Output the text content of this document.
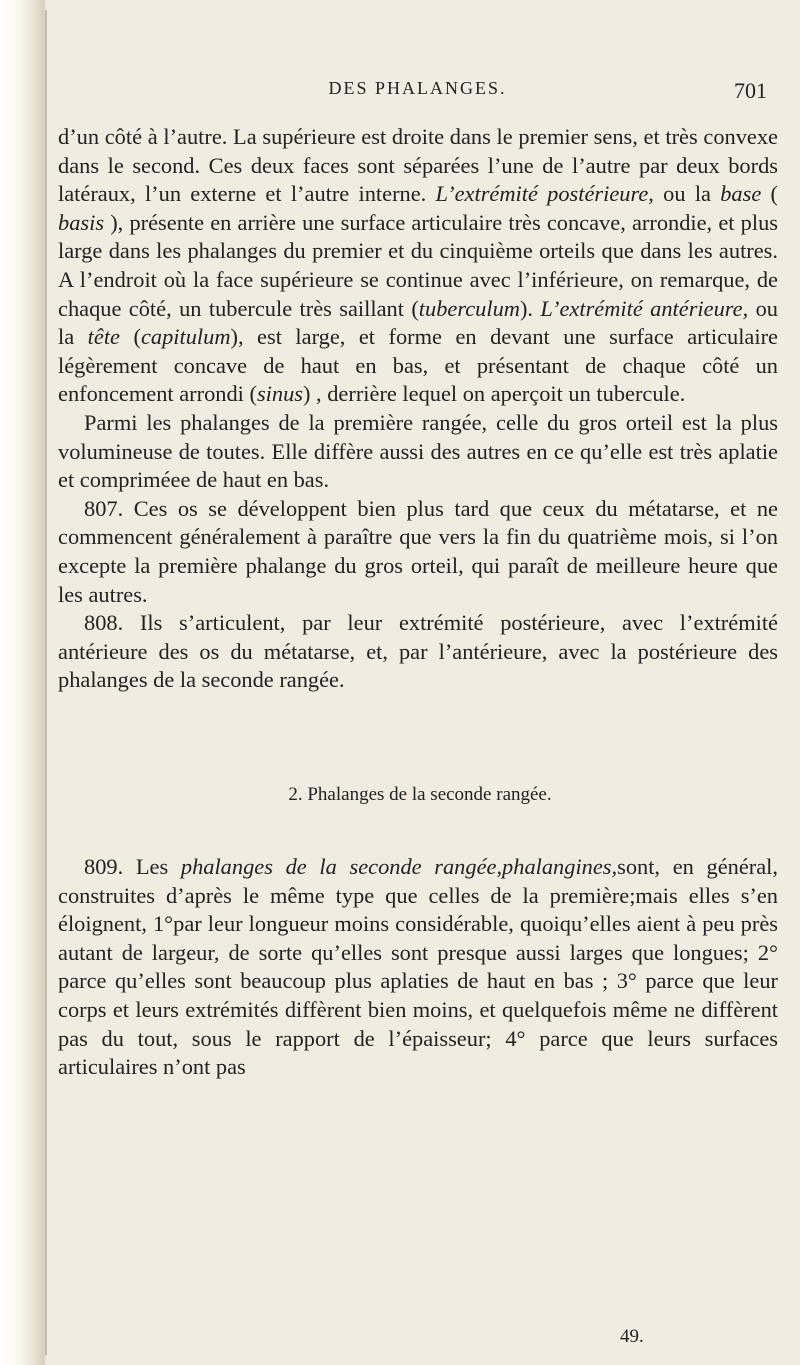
DES PHALANGES.	701

d’un côté à l’autre. La supérieure est droite dans le premier sens, et très convexe dans le second. Ces deux faces sont séparées l’une de l’autre par deux bords latéraux, l’un externe et l’autre interne. L’extrémité postérieure, ou la base ( basis ), présente en arrière une surface articulaire très concave, arrondie, et plus large dans les phalanges du premier et du cinquième orteils que dans les autres. A l’endroit où la face supérieure se continue avec l’inférieure, on remarque, de chaque côté, un tubercule très saillant (tuberculum). L’extrémité antérieure, ou la tête (capitulum), est large, et forme en devant une surface articulaire légèrement concave de haut en bas, et présentant de chaque côté un enfoncement arrondi (sinus) , derrière lequel on aperçoit un tubercule.

Parmi les phalanges de la première rangée, celle du gros orteil est la plus volumineuse de toutes. Elle diffère aussi des autres en ce qu’elle est très aplatie et compriméee de haut en bas.

807. Ces os se développent bien plus tard que ceux du métatarse, et ne commencent généralement à paraître que vers la fin du quatrième mois, si l’on excepte la première phalange du gros orteil, qui paraît de meilleure heure que les autres.

808. Ils s’articulent, par leur extrémité postérieure, avec l’extrémité antérieure des os du métatarse, et, par l’antérieure, avec la postérieure des phalanges de la seconde rangée.

2. Phalanges de la seconde rangée.

809. Les phalanges de la seconde rangée,phalangines,sont, en général, construites d’après le même type que celles de la première;mais elles s’en éloignent, 1°par leur longueur moins considérable, quoiqu’elles aient à peu près autant de largeur, de sorte qu’elles sont presque aussi larges que longues; 2° parce qu’elles sont beaucoup plus aplaties de haut en bas ; 3° parce que leur corps et leurs extrémités diffèrent bien moins, et quelquefois même ne diffèrent pas du tout, sous le rapport de l’épaisseur; 4° parce que leurs surfaces articulaires n’ont pas

49.
